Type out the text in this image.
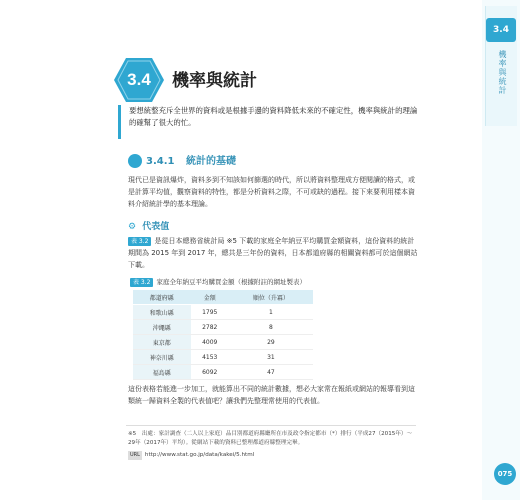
3.4
機率與統計
075
3.4	機率與統計
要想統整充斥全世界的資料或是根據手邊的資料降低未來的不確定性，機率與統計的理論的確幫了很大的忙。
3.4.1 統計的基礎
現代已是資訊爆炸，資料多到不知該如何篩選的時代，所以將資料整理成方便閱讀的格式，或是計算平均值，觀察資料的特性，都是分析資料之際，不可或缺的過程。接下來要利用樣本資料介紹統計學的基本理論。
⚙ 代表值
表 3.2 是從日本總務省統計局 ※5 下載的家庭全年納豆平均購買金額資料，這份資料的統計期間為 2015 年到 2017 年，總共是三年份的資料，日本都道府縣的相關資料都可於這個網站下載。
表 3.2 家庭全年納豆平均購買金額（根據附註的網址製表）
都道府縣	金額	順位（升冪）
和歌山縣	1795	1
沖繩縣	2782	8
東京都	4009	29
神奈川縣	4153	31
福島縣	6092	47
這份表格若能進一步加工，就能算出不同的統計數據，想必大家常在報紙或網站的報導看到這類統一歸資料全製的代表值吧？讓我們先整理常使用的代表值。
※5　出處：家計調查（二人以上家庭）品目別都道府縣廳所在市及政令指定都市（*）排行（平成27（2015年）～29年（2017年）平均）。從網站下載的資料已整理都道府縣整理完畢。
URL http://www.stat.go.jp/data/kakei/5.html
